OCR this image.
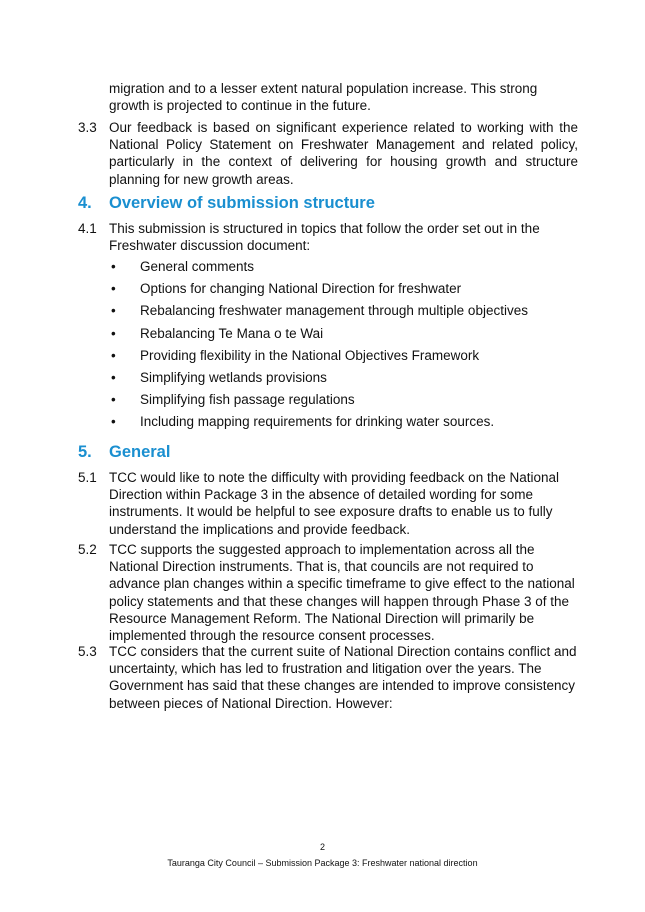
migration and to a lesser extent natural population increase. This strong growth is projected to continue in the future.
3.3 Our feedback is based on significant experience related to working with the National Policy Statement on Freshwater Management and related policy, particularly in the context of delivering for housing growth and structure planning for new growth areas.
4. Overview of submission structure
4.1 This submission is structured in topics that follow the order set out in the Freshwater discussion document:
•	General comments
•	Options for changing National Direction for freshwater
•	Rebalancing freshwater management through multiple objectives
•	Rebalancing Te Mana o te Wai
•	Providing flexibility in the National Objectives Framework
•	Simplifying wetlands provisions
•	Simplifying fish passage regulations
•	Including mapping requirements for drinking water sources.
5. General
5.1 TCC would like to note the difficulty with providing feedback on the National Direction within Package 3 in the absence of detailed wording for some instruments. It would be helpful to see exposure drafts to enable us to fully understand the implications and provide feedback.
5.2 TCC supports the suggested approach to implementation across all the National Direction instruments. That is, that councils are not required to advance plan changes within a specific timeframe to give effect to the national policy statements and that these changes will happen through Phase 3 of the Resource Management Reform. The National Direction will primarily be implemented through the resource consent processes.
5.3 TCC considers that the current suite of National Direction contains conflict and uncertainty, which has led to frustration and litigation over the years. The Government has said that these changes are intended to improve consistency between pieces of National Direction. However:
2
Tauranga City Council – Submission Package 3: Freshwater national direction
